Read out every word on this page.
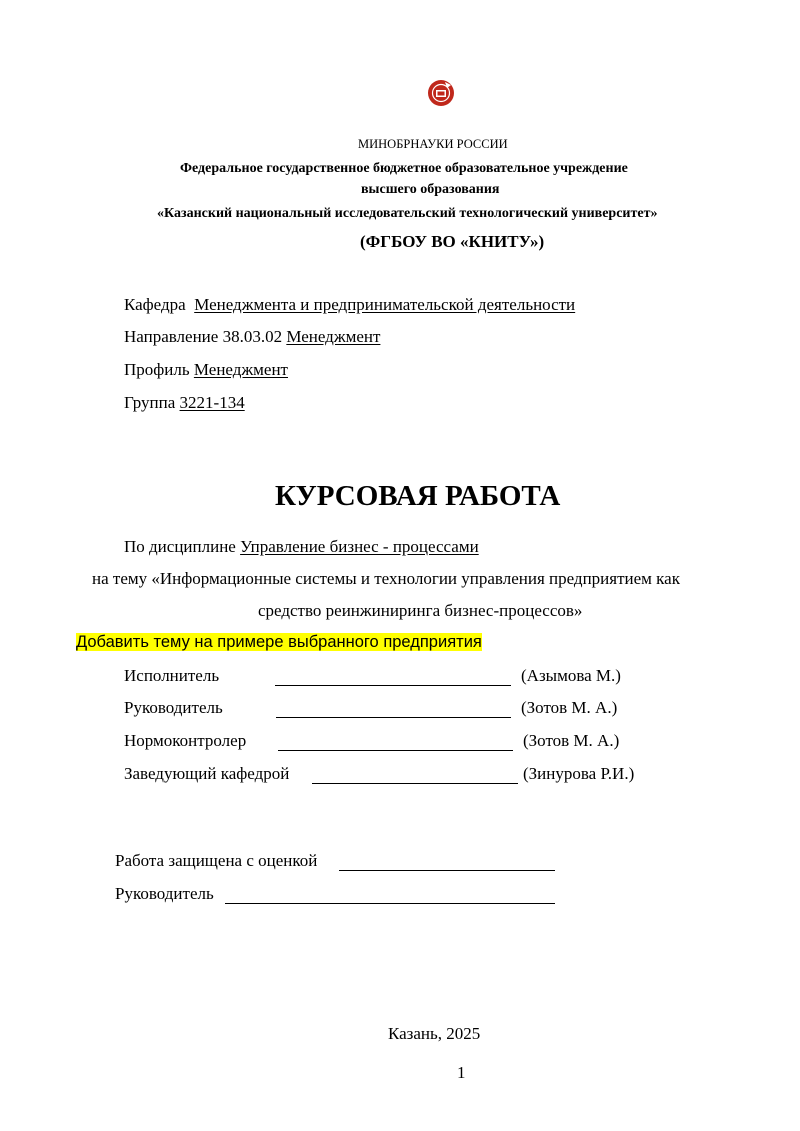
МИНОБРНАУКИ РОССИИ
Федеральное государственное бюджетное образовательное учреждение
высшего образования
«Казанский национальный исследовательский технологический университет»
(ФГБОУ ВО «КНИТУ»)
Кафедра Менеджмента и предпринимательской деятельности
Направление 38.03.02 Менеджмент
Профиль Менеджмент
Группа 3221-134
КУРСОВАЯ РАБОТА
По дисциплине Управление бизнес - процессами
на тему «Информационные системы и технологии управления предприятием как
средство реинжиниринга бизнес-процессов»
Добавить тему на примере выбранного предприятия
Исполнитель	(Азымова М.)
Руководитель	(Зотов М. А.)
Нормоконтролер	(Зотов М. А.)
Заведующий кафедрой	(Зинурова Р.И.)
Работа защищена с оценкой
Руководитель
Казань, 2025
1
